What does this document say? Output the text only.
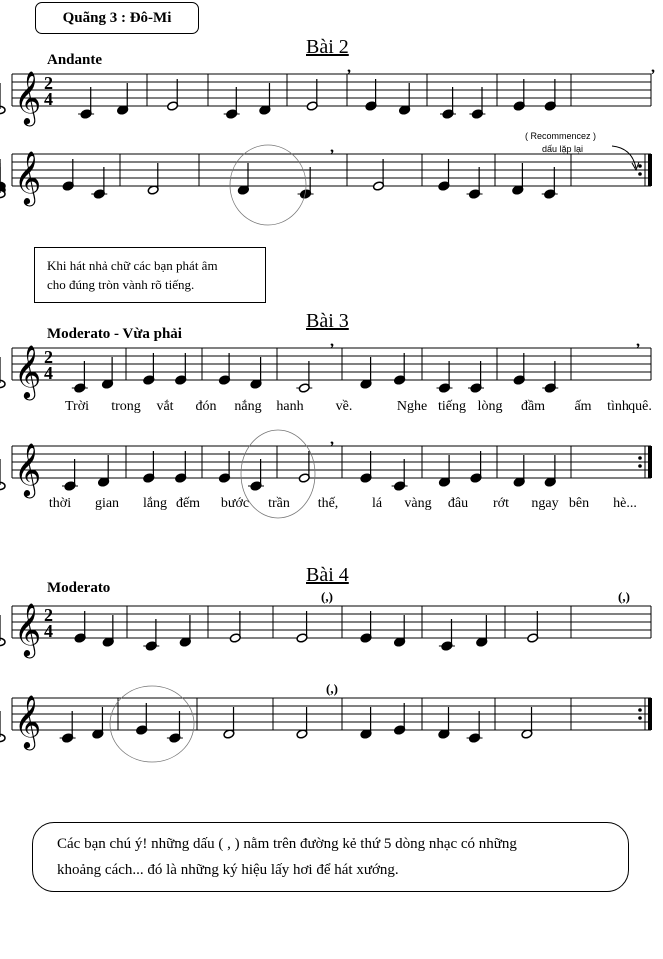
𝄞 2
4
,	,
𝄞
,
𝄞 2
4
,	,
𝄞
,
𝄞 2
4
(,)	(,)
𝄞
(,)
Quãng 3 : Đô-Mi
Bài 2
Andante
( Recommencez )
dấu lặp lại
Khi hát nhả chữ các bạn phát âm
cho đúng tròn vành rõ tiếng.
Bài 3
Moderato - Vừa phải
Trời trong vắt đón nắng hanh về.	Nghe tiếng lòng đầm ấm tình quê.
thời gian lắng đếm bước trần thế, lá vàng đâu rớt ngay bên hè...
Bài 4
Moderato
Các bạn chú ý! những dấu ( , ) nằm trên đường kẻ thứ 5 dòng nhạc có những
khoảng cách... đó là những ký hiệu lấy hơi để hát xướng.
